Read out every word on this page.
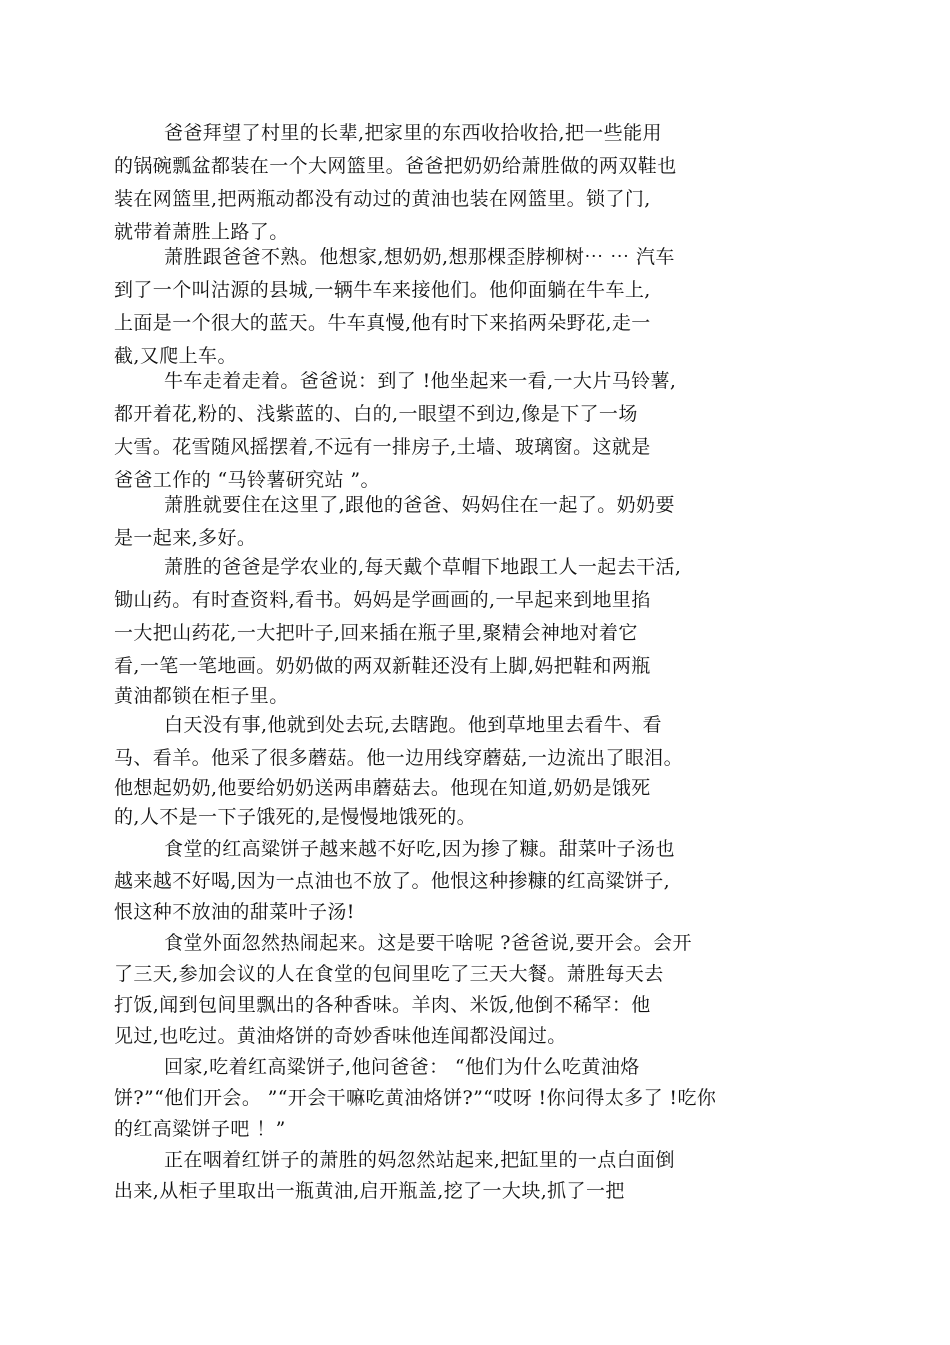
爸爸拜望了村里的长辈,把家里的东西收拾收拾,把一些能用
的锅碗瓢盆都装在一个大网篮里。爸爸把奶奶给萧胜做的两双鞋也
装在网篮里,把两瓶动都没有动过的黄油也装在网篮里。锁了门,
就带着萧胜上路了。
萧胜跟爸爸不熟。他想家,想奶奶,想那棵歪脖柳树⋯ ⋯ 汽车
到了一个叫沽源的县城,一辆牛车来接他们。他仰面躺在牛车上,
上面是一个很大的蓝天。牛车真慢,他有时下来掐两朵野花,走一
截,又爬上车。
牛车走着走着。爸爸说：到了 !他坐起来一看,一大片马铃薯,
都开着花,粉的、浅紫蓝的、白的,一眼望不到边,像是下了一场
大雪。花雪随风摇摆着,不远有一排房子,土墙、玻璃窗。这就是
爸爸工作的 “马铃薯研究站 ”。
萧胜就要住在这里了,跟他的爸爸、妈妈住在一起了。奶奶要
是一起来,多好。
萧胜的爸爸是学农业的,每天戴个草帽下地跟工人一起去干活,
锄山药。有时查资料,看书。妈妈是学画画的,一早起来到地里掐
一大把山药花,一大把叶子,回来插在瓶子里,聚精会神地对着它
看,一笔一笔地画。奶奶做的两双新鞋还没有上脚,妈把鞋和两瓶
黄油都锁在柜子里。
白天没有事,他就到处去玩,去瞎跑。他到草地里去看牛、看
马、看羊。他采了很多蘑菇。他一边用线穿蘑菇,一边流出了眼泪。
他想起奶奶,他要给奶奶送两串蘑菇去。他现在知道,奶奶是饿死
的,人不是一下子饿死的,是慢慢地饿死的。
食堂的红高粱饼子越来越不好吃,因为掺了糠。甜菜叶子汤也
越来越不好喝,因为一点油也不放了。他恨这种掺糠的红高粱饼子,
恨这种不放油的甜菜叶子汤!
食堂外面忽然热闹起来。这是要干啥呢 ?爸爸说,要开会。会开
了三天,参加会议的人在食堂的包间里吃了三天大餐。萧胜每天去
打饭,闻到包间里飘出的各种香味。羊肉、米饭,他倒不稀罕：他
见过,也吃过。黄油烙饼的奇妙香味他连闻都没闻过。
回家,吃着红高粱饼子,他问爸爸： “他们为什么吃黄油烙
饼?”“他们开会。 ”“开会干嘛吃黄油烙饼?”“哎呀 !你问得太多了 !吃你
的红高粱饼子吧 ！”
正在咽着红饼子的萧胜的妈忽然站起来,把缸里的一点白面倒
出来,从柜子里取出一瓶黄油,启开瓶盖,挖了一大块,抓了一把
